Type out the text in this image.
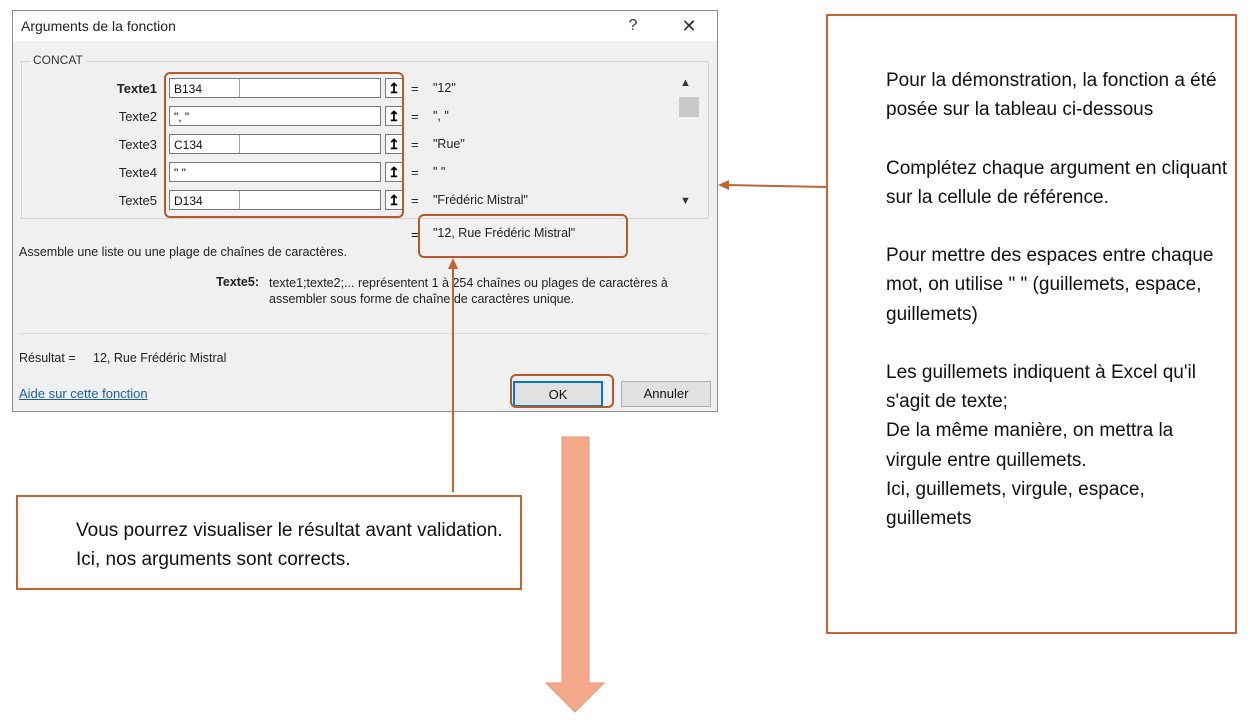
Arguments de la fonction	?	✕
CONCAT
Texte1	B134	↥ = "12"
Texte2	", "	↥ = ", "
Texte3	C134	↥ = "Rue"
Texte4	" "	↥ = " "
Texte5	D134	↥ = "Frédéric Mistral"
▲
▼
= "12, Rue Frédéric Mistral"
Assemble une liste ou une plage de chaînes de caractères.
Texte5: texte1;texte2;... représentent 1 à 254 chaînes ou plages de caractères à assembler sous forme de chaîne de caractères unique.
Résultat = 12, Rue Frédéric Mistral
Aide sur cette fonction	OK	Annuler

Pour la démonstration, la fonction a été posée sur la tableau ci-dessous

Complétez chaque argument en cliquant sur la cellule de référence.

Pour mettre des espaces entre chaque mot, on utilise " " (guillemets, espace, guillemets)

Les guillemets indiquent à Excel qu'il s'agit de texte;
De la même manière, on mettra la virgule entre quillemets.
Ici, guillemets, virgule, espace, guillemets

Vous pourrez visualiser le résultat avant validation. Ici, nos arguments sont corrects.
